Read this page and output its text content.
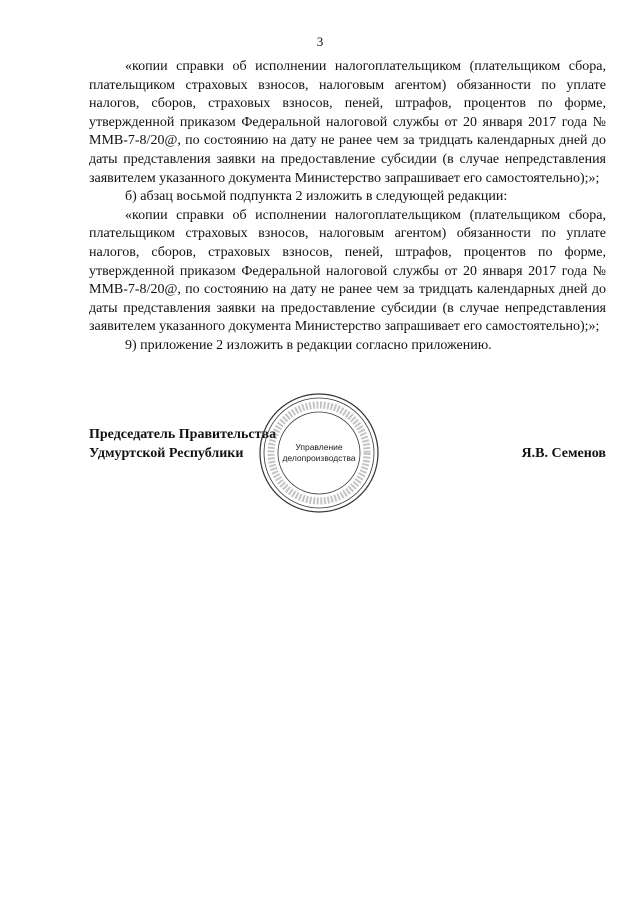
3

«копии справки об исполнении налогоплательщиком (плательщиком сбора, плательщиком страховых взносов, налоговым агентом) обязанности по уплате налогов, сборов, страховых взносов, пеней, штрафов, процентов по форме, утвержденной приказом Федеральной налоговой службы от 20 января 2017 года № ММВ-7-8/20@, по состоянию на дату не ранее чем за тридцать календарных дней до даты представления заявки на предоставление субсидии (в случае непредставления заявителем указанного документа Министерство запрашивает его самостоятельно);»;

б) абзац восьмой подпункта 2 изложить в следующей редакции:

«копии справки об исполнении налогоплательщиком (плательщиком сбора, плательщиком страховых взносов, налоговым агентом) обязанности по уплате налогов, сборов, страховых взносов, пеней, штрафов, процентов по форме, утвержденной приказом Федеральной налоговой службы от 20 января 2017 года № ММВ-7-8/20@, по состоянию на дату не ранее чем за тридцать календарных дней до даты представления заявки на предоставление субсидии (в случае непредставления заявителем указанного документа Министерство запрашивает его самостоятельно);»;

9) приложение 2 изложить в редакции согласно приложению.

Председатель Правительства
Удмуртской Республики	Я.В. Семенов
Управление
делопроизводства
